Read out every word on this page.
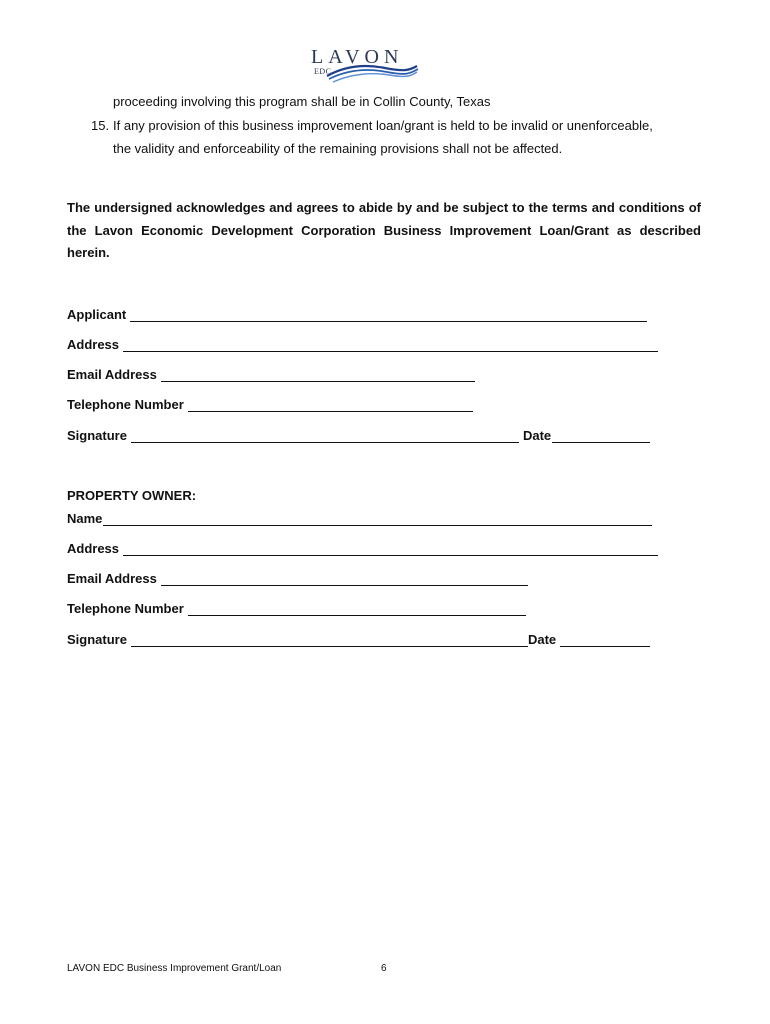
LAVON
EDC
proceeding involving this program shall be in Collin County, Texas
15. If any provision of this business improvement loan/grant is held to be invalid or unenforceable,
the validity and enforceability of the remaining provisions shall not be affected.
The undersigned acknowledges and agrees to abide by and be subject to the terms and conditions of the Lavon Economic Development Corporation Business Improvement Loan/Grant as described herein.
Applicant
Address
Email Address
Telephone Number
Signature	Date
PROPERTY OWNER:
Name
Address
Email Address
Telephone Number
Signature	Date
LAVON EDC Business Improvement Grant/Loan	6
